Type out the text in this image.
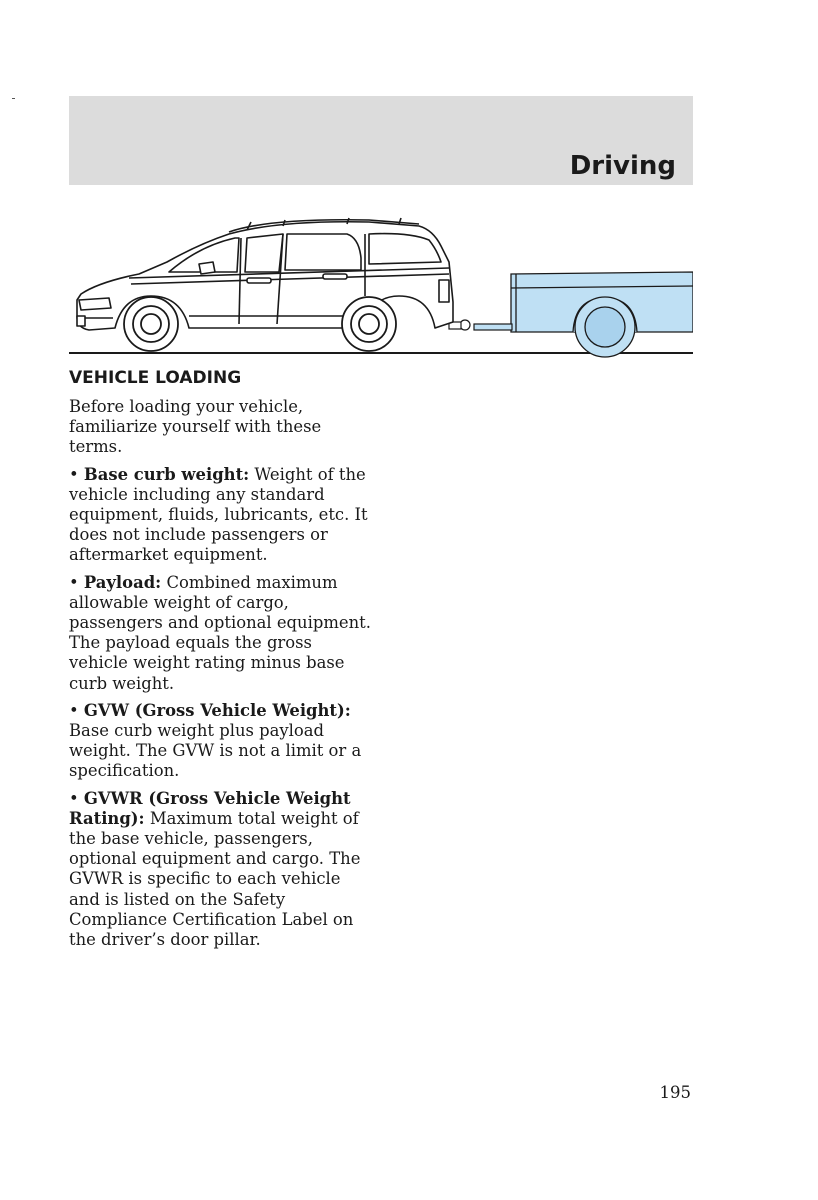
Driving
VEHICLE LOADING

Before loading your vehicle, familiarize yourself with these terms.

• Base curb weight: Weight of the vehicle including any standard equipment, fluids, lubricants, etc. It does not include passengers or aftermarket equipment.

• Payload: Combined maximum allowable weight of cargo, passengers and optional equipment. The payload equals the gross vehicle weight rating minus base curb weight.

• GVW (Gross Vehicle Weight): Base curb weight plus payload weight. The GVW is not a limit or a specification.

• GVWR (Gross Vehicle Weight Rating): Maximum total weight of the base vehicle, passengers, optional equipment and cargo. The GVWR is specific to each vehicle and is listed on the Safety Compliance Certification Label on the driver’s door pillar.

195
